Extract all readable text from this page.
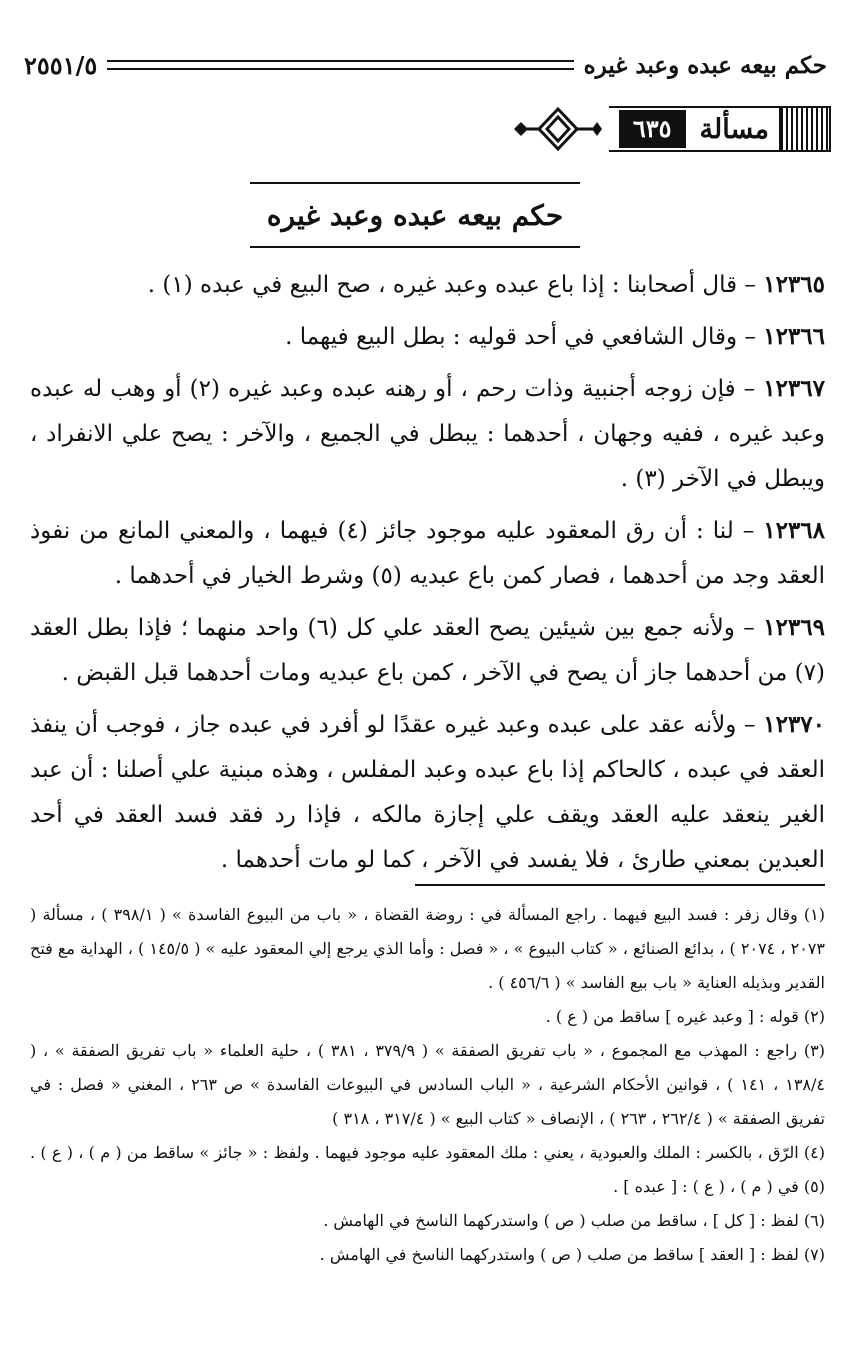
حكم بيعه عبده وعبد غيره
٢٥٥١/٥
مسألة
٦٣٥
حكم بيعه عبده وعبد غيره

١٢٣٦٥ – قال أصحابنا : إذا باع عبده وعبد غيره ، صح البيع في عبده (١) .

١٢٣٦٦ – وقال الشافعي في أحد قوليه : بطل البيع فيهما .

١٢٣٦٧ – فإن زوجه أجنبية وذات رحم ، أو رهنه عبده وعبد غيره (٢) أو وهب له عبده وعبد غيره ، ففيه وجهان ، أحدهما : يبطل في الجميع ، والآخر : يصح علي الانفراد ، ويبطل في الآخر (٣) .

١٢٣٦٨ – لنا : أن رق المعقود عليه موجود جائز (٤) فيهما ، والمعني المانع من نفوذ العقد وجد من أحدهما ، فصار كمن باع عبديه (٥) وشرط الخيار في أحدهما .

١٢٣٦٩ – ولأنه جمع بين شيئين يصح العقد علي كل (٦) واحد منهما ؛ فإذا بطل العقد (٧) من أحدهما جاز أن يصح في الآخر ، كمن باع عبديه ومات أحدهما قبل القبض .

١٢٣٧٠ – ولأنه عقد على عبده وعبد غيره عقدًا لو أفرد في عبده جاز ، فوجب أن ينفذ العقد في عبده ، كالحاكم إذا باع عبده وعبد المفلس ، وهذه مبنية علي أصلنا : أن عبد الغير ينعقد عليه العقد ويقف علي إجازة مالكه ، فإذا رد فقد فسد العقد في أحد العبدين بمعني طارئ ، فلا يفسد في الآخر ، كما لو مات أحدهما .

(١) وقال زفر : فسد البيع فيهما . راجع المسألة في : روضة القضاة ، « باب من البيوع الفاسدة » ( ٣٩٨/١ ) ، مسألة ( ٢٠٧٣ ، ٢٠٧٤ ) ، بدائع الصنائع ، « كتاب البيوع » ، « فصل : وأما الذي يرجع إلي المعقود عليه » ( ١٤٥/٥ ) ، الهداية مع فتح القدير وبذيله العناية « باب بيع الفاسد » ( ٤٥٦/٦ ) .

(٢) قوله : [ وعبد غيره ] ساقط من ( ع ) .

(٣) راجع : المهذب مع المجموع ، « باب تفريق الصفقة » ( ٣٧٩/٩ ، ٣٨١ ) ، حلية العلماء « باب تفريق الصفقة » ، ( ١٣٨/٤ ، ١٤١ ) ، قوانين الأحكام الشرعية ، « الباب السادس في البيوعات الفاسدة » ص ٢٦٣ ، المغني « فصل : في تفريق الصفقة » ( ٢٦٢/٤ ، ٢٦٣ ) ، الإنصاف « كتاب البيع » ( ٣١٧/٤ ، ٣١٨ )

(٤) الرّق ، بالكسر : الملك والعبودية ، يعني : ملك المعقود عليه موجود فيهما . ولفظ : « جائز » ساقط من ( م ) ، ( ع ) . (٥) في ( م ) ، ( ع ) : [ عبده ] .

(٦) لفظ : [ كل ] ، ساقط من صلب ( ص ) واستدركهما الناسخ في الهامش .

(٧) لفظ : [ العقد ] ساقط من صلب ( ص ) واستدركهما الناسخ في الهامش .
